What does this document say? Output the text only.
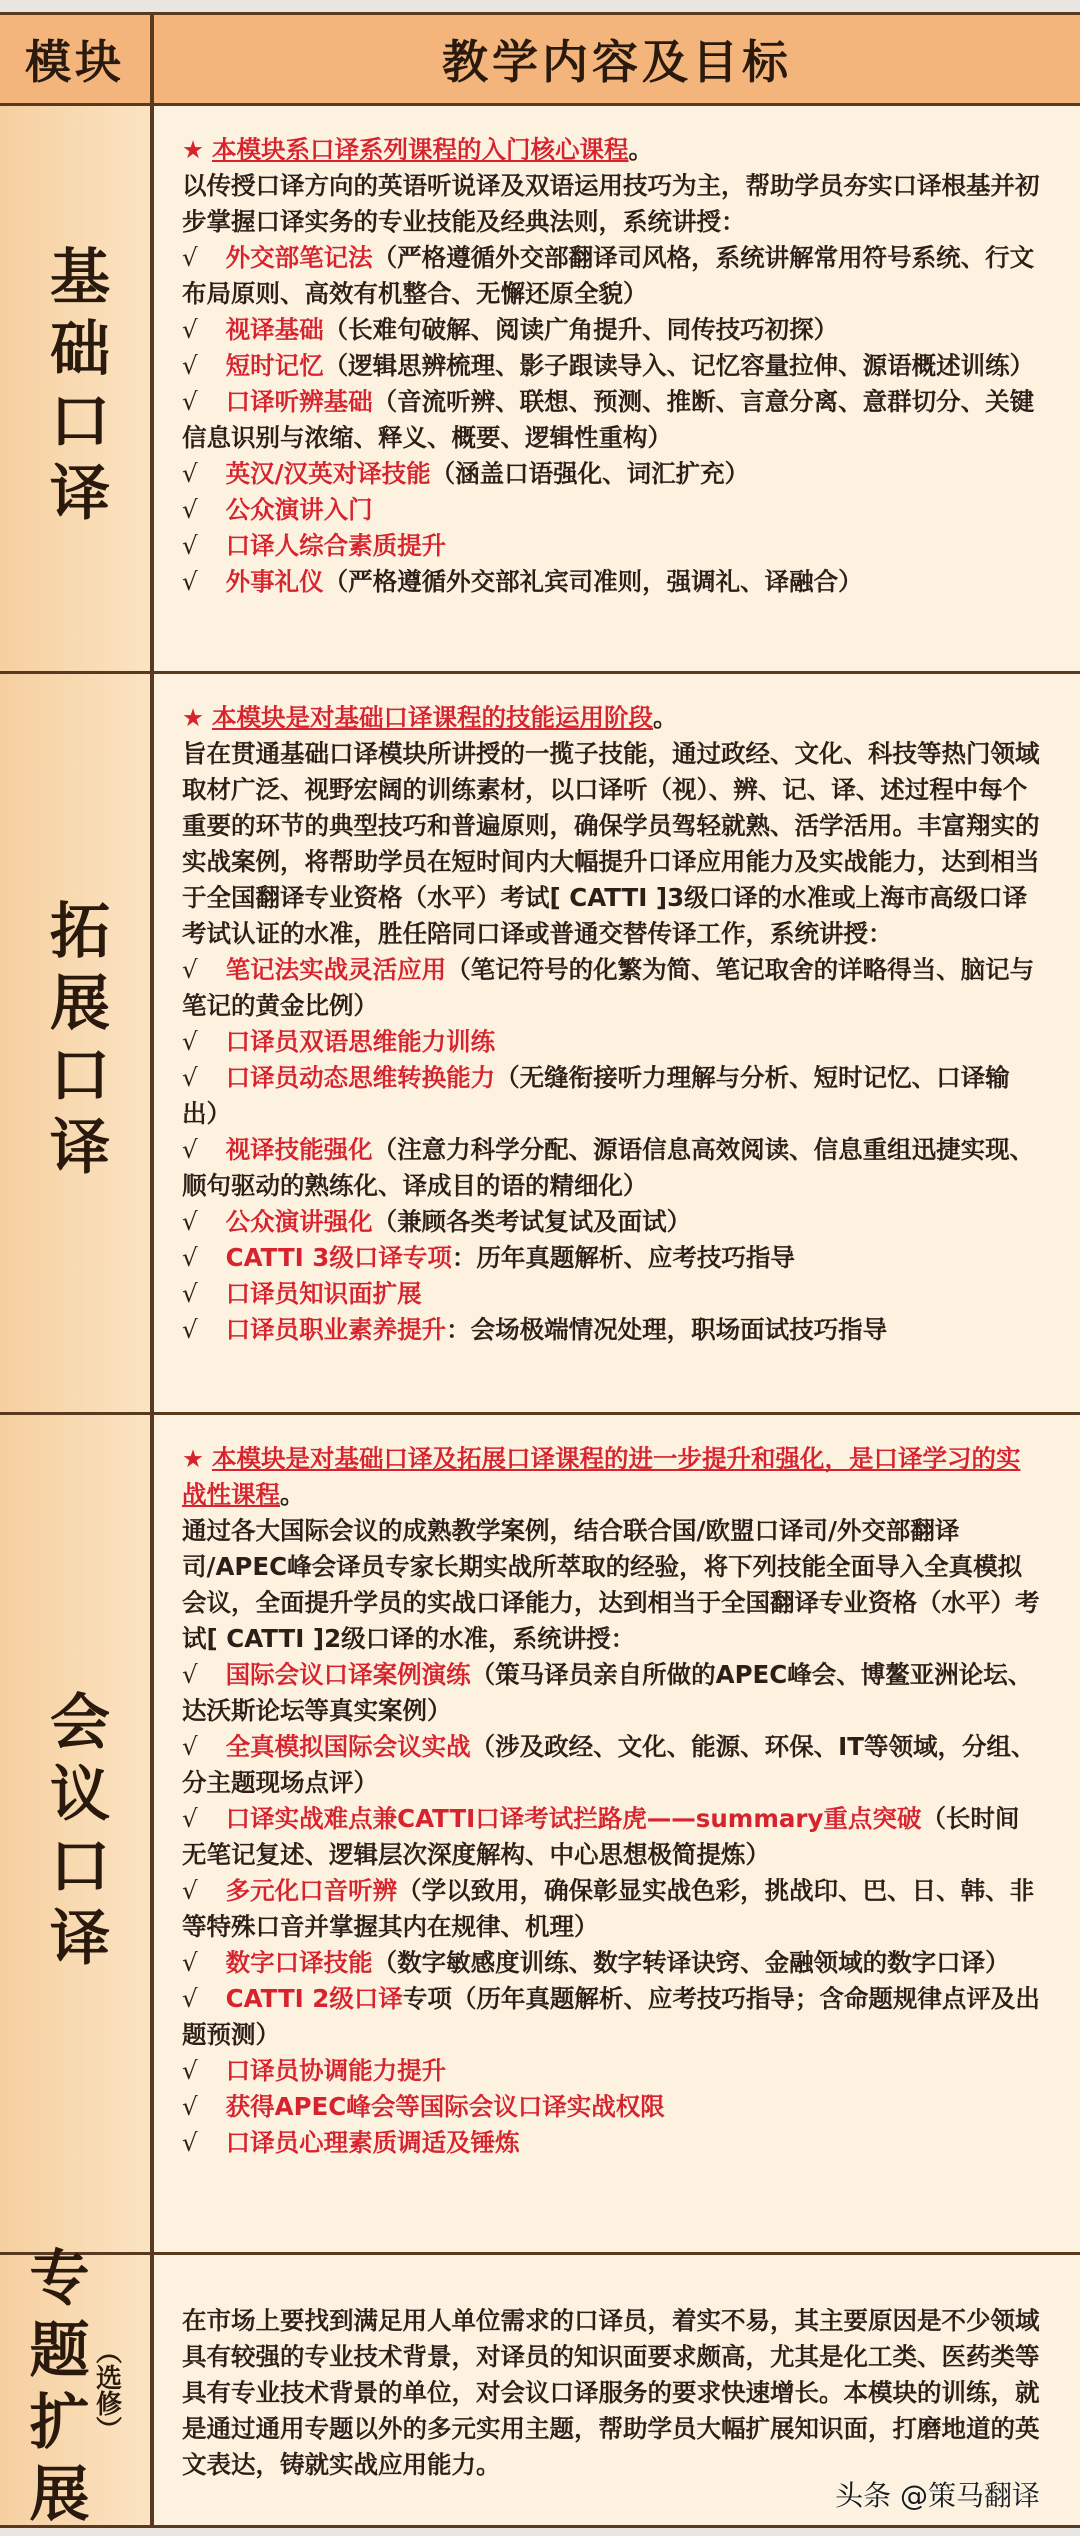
模块	教学内容及目标
基础口译

★ 本模块系口译系列课程的入门核心课程。

以传授口译方向的英语听说译及双语运用技巧为主，帮助学员夯实口译根基并初步掌握口译实务的专业技能及经典法则，系统讲授：

√ 外交部笔记法（严格遵循外交部翻译司风格，系统讲解常用符号系统、行文布局原则、高效有机整合、无懈还原全貌）

√ 视译基础（长难句破解、阅读广角提升、同传技巧初探）

√ 短时记忆（逻辑思辨梳理、影子跟读导入、记忆容量拉伸、源语概述训练）

√ 口译听辨基础（音流听辨、联想、预测、推断、言意分离、意群切分、关键信息识别与浓缩、释义、概要、逻辑性重构）

√ 英汉/汉英对译技能（涵盖口语强化、词汇扩充）

√ 公众演讲入门

√ 口译人综合素质提升

√ 外事礼仪（严格遵循外交部礼宾司准则，强调礼、译融合）

拓展口译

★ 本模块是对基础口译课程的技能运用阶段。

旨在贯通基础口译模块所讲授的一揽子技能，通过政经、文化、科技等热门领域取材广泛、视野宏阔的训练素材，以口译听（视）、辨、记、译、述过程中每个重要的环节的典型技巧和普遍原则，确保学员驾轻就熟、活学活用。丰富翔实的实战案例，将帮助学员在短时间内大幅提升口译应用能力及实战能力，达到相当于全国翻译专业资格（水平）考试[ CATTI ]3级口译的水准或上海市高级口译考试认证的水准，胜任陪同口译或普通交替传译工作，系统讲授：

√ 笔记法实战灵活应用（笔记符号的化繁为简、笔记取舍的详略得当、脑记与笔记的黄金比例）

√ 口译员双语思维能力训练

√ 口译员动态思维转换能力（无缝衔接听力理解与分析、短时记忆、口译输出）

√ 视译技能强化（注意力科学分配、源语信息高效阅读、信息重组迅捷实现、顺句驱动的熟练化、译成目的语的精细化）

√ 公众演讲强化（兼顾各类考试复试及面试）

√ CATTI 3级口译专项：历年真题解析、应考技巧指导

√ 口译员知识面扩展

√ 口译员职业素养提升：会场极端情况处理，职场面试技巧指导

会议口译

★ 本模块是对基础口译及拓展口译课程的进一步提升和强化，是口译学习的实战性课程。

通过各大国际会议的成熟教学案例，结合联合国/欧盟口译司/外交部翻译司/APEC峰会译员专家长期实战所萃取的经验，将下列技能全面导入全真模拟会议，全面提升学员的实战口译能力，达到相当于全国翻译专业资格（水平）考试[ CATTI ]2级口译的水准，系统讲授：

√ 国际会议口译案例演练（策马译员亲自所做的APEC峰会、博鳌亚洲论坛、达沃斯论坛等真实案例）

√ 全真模拟国际会议实战（涉及政经、文化、能源、环保、IT等领域，分组、分主题现场点评）

√ 口译实战难点兼CATTI口译考试拦路虎——summary重点突破（长时间无笔记复述、逻辑层次深度解构、中心思想极简提炼）

√ 多元化口音听辨（学以致用，确保彰显实战色彩，挑战印、巴、日、韩、非等特殊口音并掌握其内在规律、机理）

√ 数字口译技能（数字敏感度训练、数字转译诀窍、金融领域的数字口译）

√ CATTI 2级口译专项（历年真题解析、应考技巧指导；含命题规律点评及出题预测）

√ 口译员协调能力提升

√ 获得APEC峰会等国际会议口译实战权限

√ 口译员心理素质调适及锤炼

专题扩展 （选修）

在市场上要找到满足用人单位需求的口译员，着实不易，其主要原因是不少领域具有较强的专业技术背景，对译员的知识面要求颇高，尤其是化工类、医药类等具有专业技术背景的单位，对会议口译服务的要求快速增长。本模块的训练，就是通过通用专题以外的多元实用主题，帮助学员大幅扩展知识面，打磨地道的英文表达，铸就实战应用能力。

头条 @策马翻译
